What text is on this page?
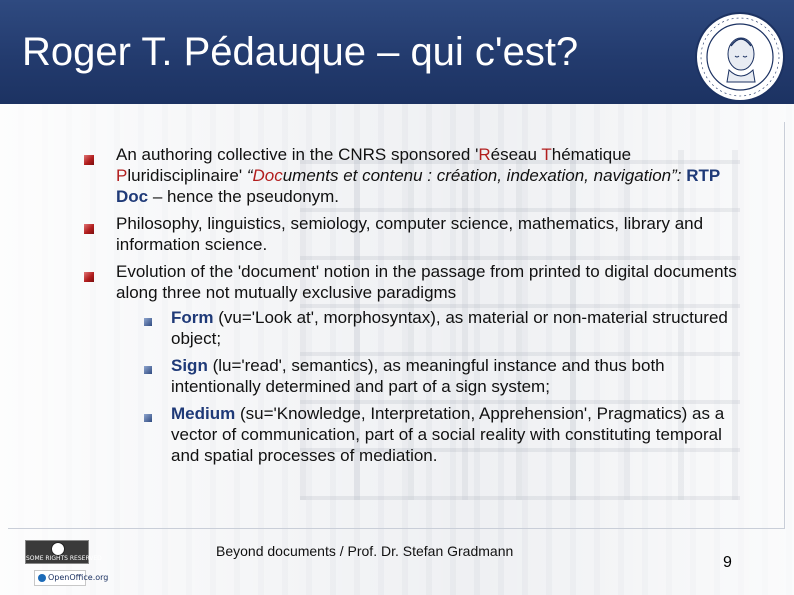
Roger T. Pédauque – qui c'est?
An authoring collective in the CNRS sponsored 'Réseau Thématique Pluridisciplinaire' “Documents et contenu : création, indexation, navigation”: RTP Doc – hence the pseudonym.
Philosophy, linguistics, semiology, computer science, mathematics, library and information science.
Evolution of the 'document' notion in the passage from printed to digital documents along three not mutually exclusive paradigms
Form (vu='Look at', morphosyntax), as material or non-material structured object;
Sign (lu='read', semantics), as meaningful instance and thus both intentionally determined and part of a sign system;
Medium (su='Knowledge, Interpretation, Apprehension', Pragmatics) as a vector of communication, part of a social reality with constituting temporal and spatial processes of mediation.
SOME RIGHTS RESERVED
OpenOffice.org
Beyond documents / Prof. Dr. Stefan Gradmann
9
